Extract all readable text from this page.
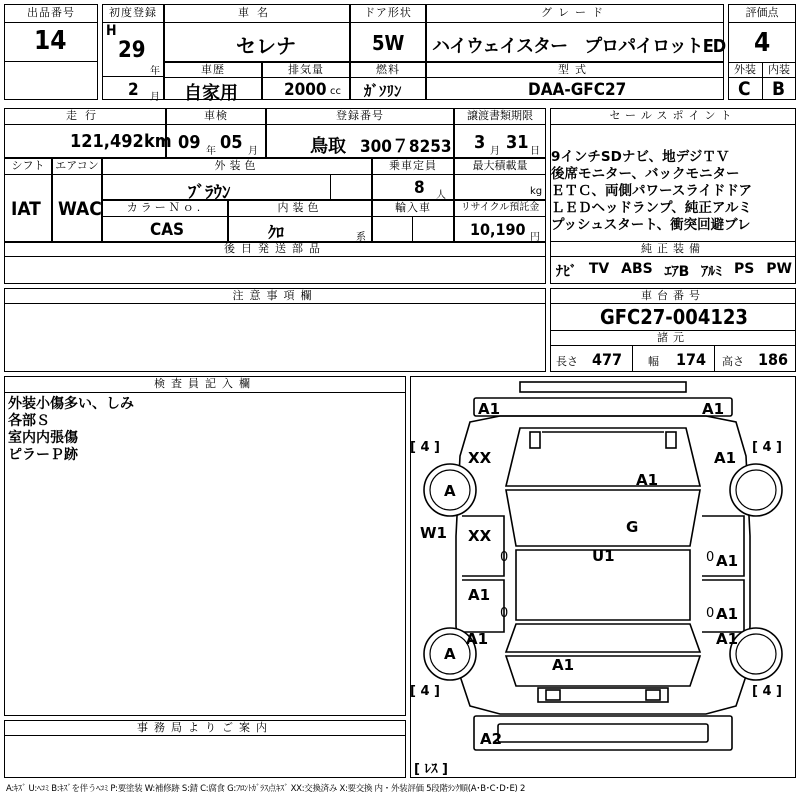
出品番号
14
初度登録
H
29
年
2 月
車名
セレナ
ドア形状
5W
グレード
ハイウェイスター　プロパイロットED
評価点
4
外装	内装
C B
車歴
自家用
排気量
2000 cc
燃料
ｶﾞｿﾘﾝ
型式
DAA-GFC27
走行
121,492 km
車検
09 年 05 月
登録番号
鳥取 300７8253
譲渡書類期限
3 月 31 日
シフト
IAT
エアコン
WAC
外装色
ﾌﾞﾗｳﾝ
乗車定員
8 人
最大積載量
kg
カラーＮｏ.
CAS
内装色
ｸﾛ	系
輸入車	リサイクル預託金
10,190 円
後日発送部品
セールスポイント
9インチSDナビ、地デジＴＶ
後席モニター、バックモニター
ＥＴＣ、両側パワースライドドア
ＬＥＤヘッドランプ、純正アルミ
プッシュスタート、衝突回避ブレ
純正装備
ﾅﾋﾞ TV ABS ｴｱB ｱﾙﾐ PS PW
注意事項欄	車台番号
GFC27-004123
諸元
長さ 477 幅 174 高さ 186
検査員記入欄
外装小傷多い、しみ
各部Ｓ
室内内張傷
ピラーＰ跡
事務局よりご案内
A1	A1
[ 4 ]	[ 4 ]
XX	A1
A
A1
G
W1 XX
0	U1	0 A1
A1
0	0 A1
A1	A1
A
A1
[ 4 ]	[ 4 ]
A2
[ ﾚｽ ]
A:ｷｽﾞ U:ﾍｺﾐ B:ｷｽﾞを伴うﾍｺﾐ P:要塗装 W:補修跡 S:錆 C:腐食 G:ﾌﾛﾝﾄｶﾞﾗｽ点ｷｽﾞ XX:交換済み X:要交換 内・外装評価 5段階ﾗﾝｸ順(A･B･C･D･E) 2
